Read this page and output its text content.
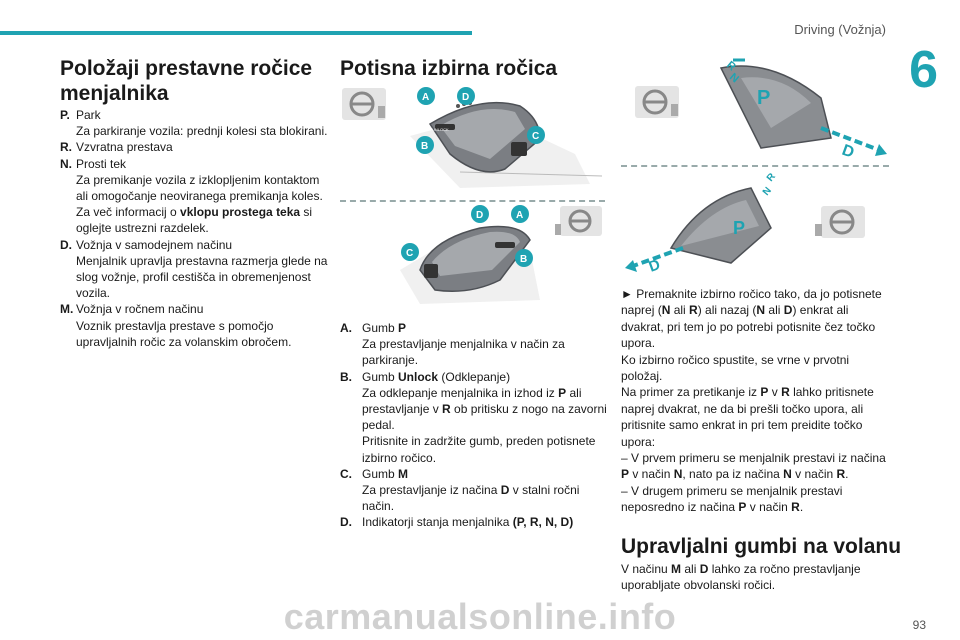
Driving (Vožnja)
6
Položaji prestavne ročice menjalnika
P. Park
Za parkiranje vozila: prednji kolesi sta blokirani.
R. Vzvratna prestava
N. Prosti tek
Za premikanje vozila z izklopljenim kontaktom ali omogočanje neoviranega premikanja koles.
Za več informacij o vklopu prostega teka si oglejte ustrezni razdelek.
D. Vožnja v samodejnem načinu
Menjalnik upravlja prestavna razmerja glede na slog vožnje, profil cestišča in obremenjenost vozila.
M. Vožnja v ročnem načinu
Voznik prestavlja prestave s pomočjo upravljalnih ročic za volanskim obročem.
Potisna izbirna ročica
A	D
C
B
UNLOCK
D	A
C
B
A. Gumb P
Za prestavljanje menjalnika v način za parkiranje.
B. Gumb Unlock (Odklepanje)
Za odklepanje menjalnika in izhod iz P ali prestavljanje v R ob pritisku z nogo na zavorni pedal.
Pritisnite in zadržite gumb, preden potisnete izbirno ročico.
C. Gumb M
Za prestavljanje iz načina D v stalni ročni način.
D. Indikatorji stanja menjalnika (P, R, N, D)
P
R
N
D
P
R
N
D
► Premaknite izbirno ročico tako, da jo potisnete naprej (N ali R) ali nazaj (N ali D) enkrat ali dvakrat, pri tem jo po potrebi potisnite čez točko upora.
Ko izbirno ročico spustite, se vrne v prvotni položaj.
Na primer za pretikanje iz P v R lahko pritisnete naprej dvakrat, ne da bi prešli točko upora, ali pritisnite samo enkrat in pri tem preidite točko upora:
– V prvem primeru se menjalnik prestavi iz načina P v način N, nato pa iz načina N v način R.
– V drugem primeru se menjalnik prestavi neposredno iz načina P v način R.
Upravljalni gumbi na volanu
V načinu M ali D lahko za ročno prestavljanje uporabljate obvolanski ročici.
carmanualsonline.info	93
